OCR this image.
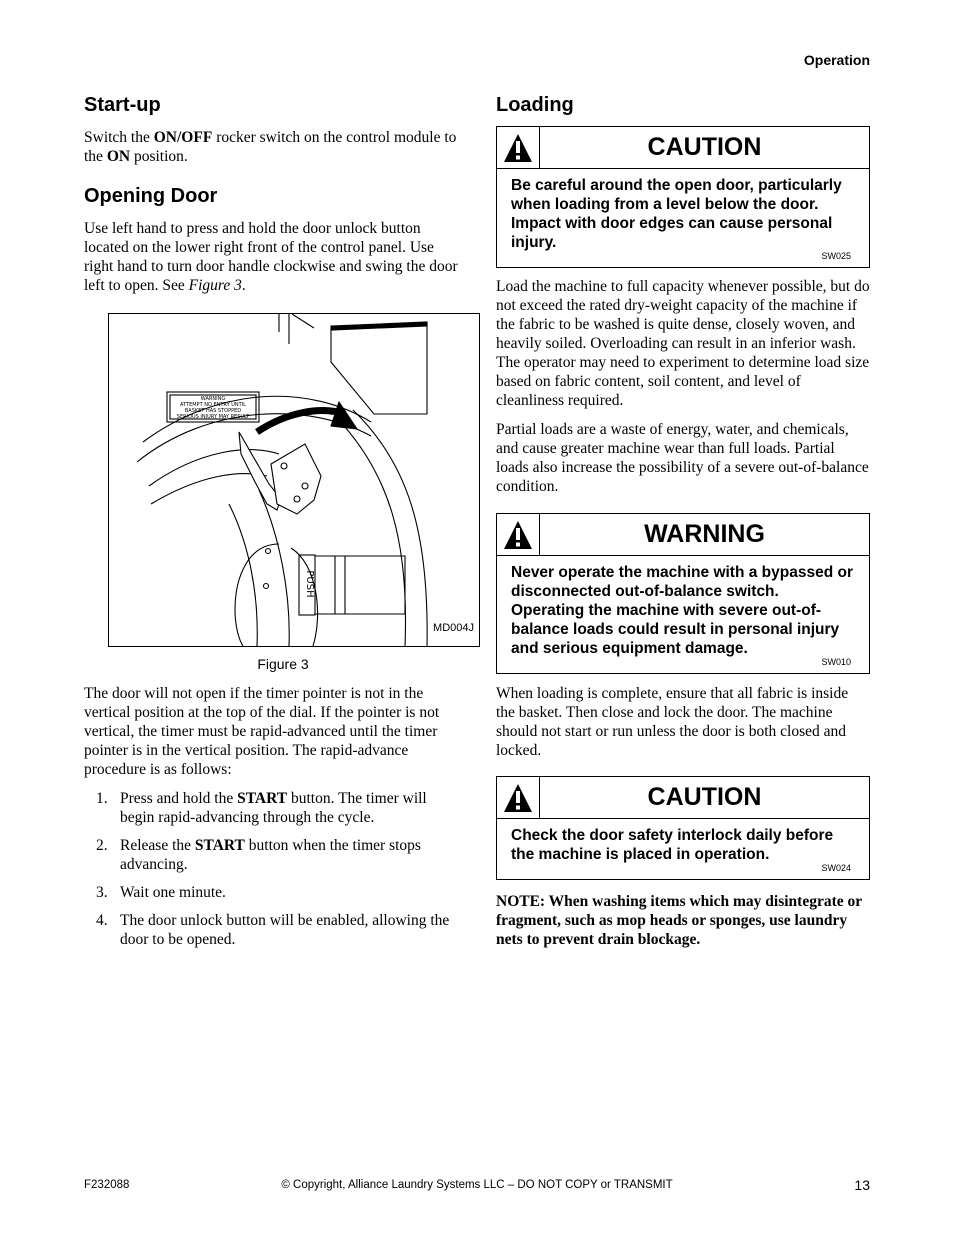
Operation
Start-up

Switch the ON/OFF rocker switch on the control module to the ON position.

Opening Door

Use left hand to press and hold the door unlock button located on the lower right front of the control panel. Use right hand to turn door handle clockwise and swing the door left to open. See Figure 3.

WARNING
ATTEMPT NO ENTRY UNTIL
BASKET HAS STOPPED
SERIOUS INJURY MAY RESULT
PUSH
MD004J
Figure 3

The door will not open if the timer pointer is not in the vertical position at the top of the dial. If the pointer is not vertical, the timer must be rapid-advanced until the timer pointer is in the vertical position. The rapid-advance procedure is as follows:

1. Press and hold the START button. The timer will begin rapid-advancing through the cycle.
2. Release the START button when the timer stops advancing.
3. Wait one minute.
4. The door unlock button will be enabled, allowing the door to be opened.
Loading
CAUTION
Be careful around the open door, particularly when loading from a level below the door. Impact with door edges can cause personal injury.
SW025

Load the machine to full capacity whenever possible, but do not exceed the rated dry-weight capacity of the machine if the fabric to be washed is quite dense, closely woven, and heavily soiled. Overloading can result in an inferior wash. The operator may need to experiment to determine load size based on fabric content, soil content, and level of cleanliness required.

Partial loads are a waste of energy, water, and chemicals, and cause greater machine wear than full loads. Partial loads also increase the possibility of a severe out-of-balance condition.

WARNING
Never operate the machine with a bypassed or disconnected out-of-balance switch. Operating the machine with severe out-of-balance loads could result in personal injury and serious equipment damage.
SW010

When loading is complete, ensure that all fabric is inside the basket. Then close and lock the door. The machine should not start or run unless the door is both closed and locked.

CAUTION
Check the door safety interlock daily before the machine is placed in operation.
SW024

NOTE: When washing items which may disintegrate or fragment, such as mop heads or sponges, use laundry nets to prevent drain blockage.

F232088	© Copyright, Alliance Laundry Systems LLC – DO NOT COPY or TRANSMIT	13
